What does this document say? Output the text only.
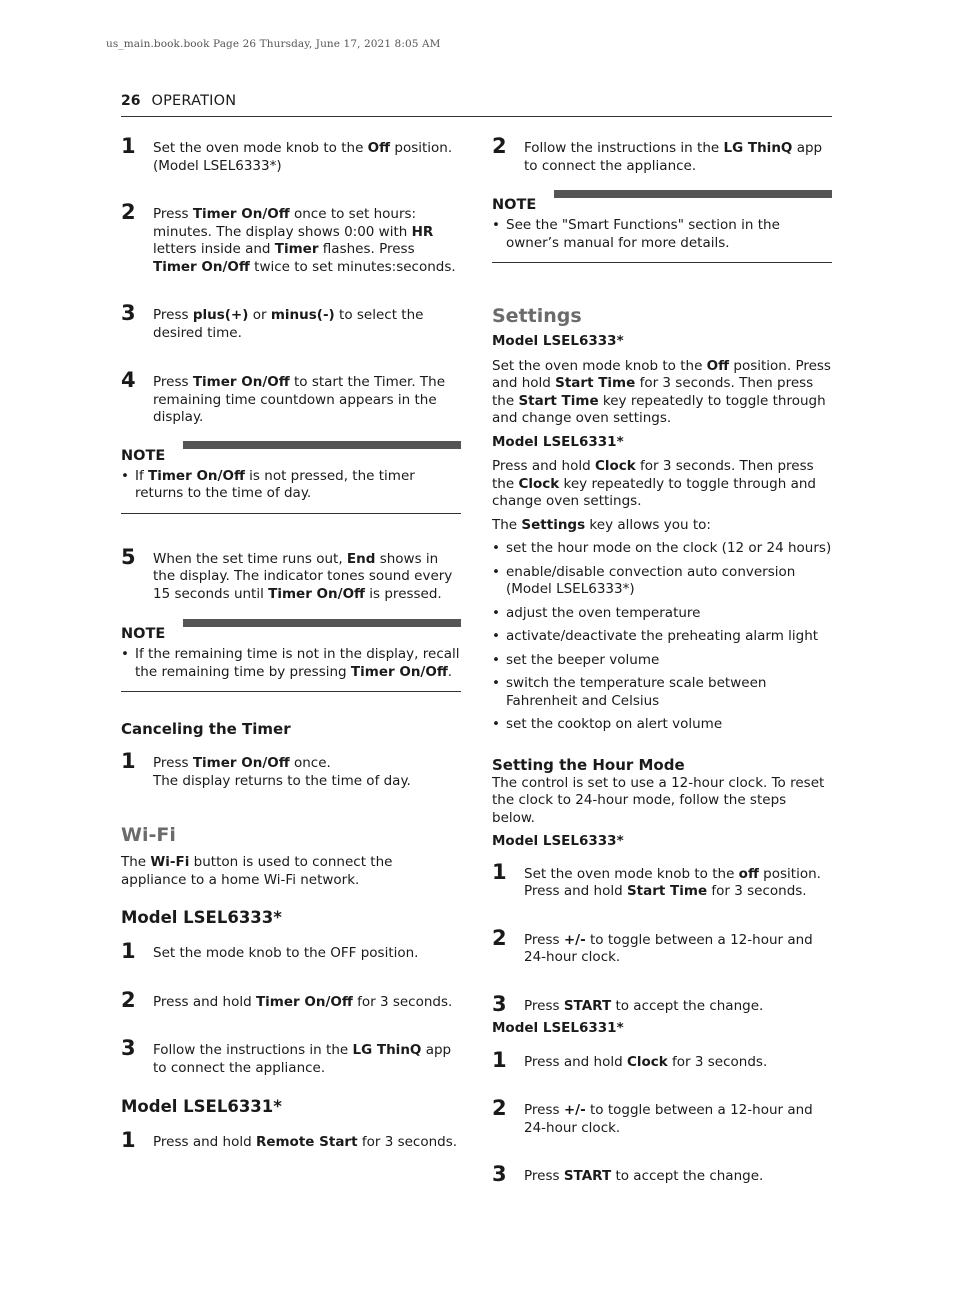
us_main.book.book Page 26 Thursday, June 17, 2021 8:05 AM
26 OPERATION
1 Set the oven mode knob to the Off position. (Model LSEL6333*)
2 Press Timer On/Off once to set hours: minutes. The display shows 0:00 with HR letters inside and Timer flashes. Press Timer On/Off twice to set minutes:seconds.
3 Press plus(+) or minus(-) to select the desired time.
4 Press Timer On/Off to start the Timer. The remaining time countdown appears in the display.
NOTE
• If Timer On/Off is not pressed, the timer returns to the time of day.
5 When the set time runs out, End shows in the display. The indicator tones sound every 15 seconds until Timer On/Off is pressed.
NOTE
• If the remaining time is not in the display, recall the remaining time by pressing Timer On/Off.
Canceling the Timer
1 Press Timer On/Off once.
The display returns to the time of day.
Wi-Fi

The Wi-Fi button is used to connect the appliance to a home Wi-Fi network.

Model LSEL6333*
1 Set the mode knob to the OFF position.
2 Press and hold Timer On/Off for 3 seconds.
3 Follow the instructions in the LG ThinQ app to connect the appliance.
Model LSEL6331*
1 Press and hold Remote Start for 3 seconds.
2 Follow the instructions in the LG ThinQ app to connect the appliance.
NOTE
• See the "Smart Functions" section in the owner’s manual for more details.
Settings
Model LSEL6333*

Set the oven mode knob to the Off position. Press and hold Start Time for 3 seconds. Then press the Start Time key repeatedly to toggle through and change oven settings.

Model LSEL6331*

Press and hold Clock for 3 seconds. Then press the Clock key repeatedly to toggle through and change oven settings.

The Settings key allows you to:

• set the hour mode on the clock (12 or 24 hours)
• enable/disable convection auto conversion (Model LSEL6333*)
• adjust the oven temperature
• activate/deactivate the preheating alarm light
• set the beeper volume
• switch the temperature scale between Fahrenheit and Celsius
• set the cooktop on alert volume
Setting the Hour Mode

The control is set to use a 12-hour clock. To reset the clock to 24-hour mode, follow the steps below.

Model LSEL6333*
1 Set the oven mode knob to the off position. Press and hold Start Time for 3 seconds.
2 Press +/- to toggle between a 12-hour and 24-hour clock.
3 Press START to accept the change.
Model LSEL6331*
1 Press and hold Clock for 3 seconds.
2 Press +/- to toggle between a 12-hour and 24-hour clock.
3 Press START to accept the change.
